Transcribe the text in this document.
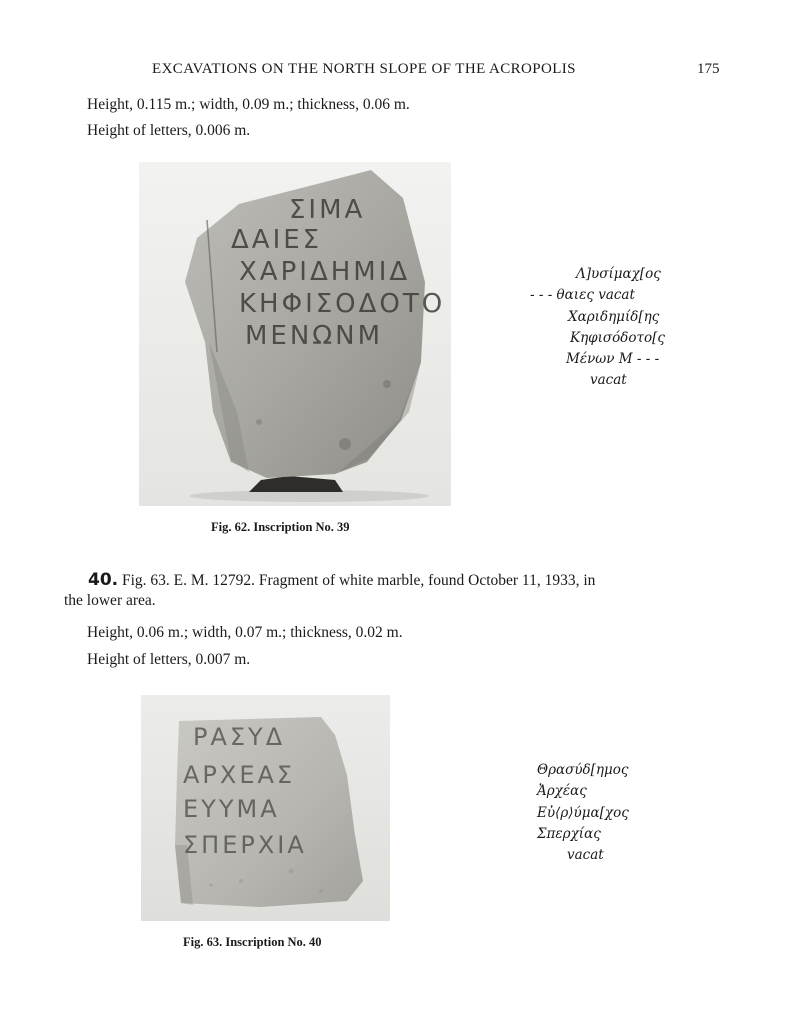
EXCAVATIONS ON THE NORTH SLOPE OF THE ACROPOLIS	175
Height, 0.115 m.; width, 0.09 m.; thickness, 0.06 m.
Height of letters, 0.006 m.
ΣΙΜΑ
ΔΑΙΕΣ
ΧΑΡΙΔΗΜΙΔ
ΚΗΦΙΣΟΔΟΤΟ
ΜΕΝΩΝΜ
Λ]υσίμαχ[ος
- - - θαιες vacat
Χαριδημίδ[ης
Κηφισόδοτο[ς
Μένων Μ - - -
vacat
Fig. 62. Inscription No. 39
40. Fig. 63. E. M. 12792. Fragment of white marble, found October 11, 1933, in
the lower area.
Height, 0.06 m.; width, 0.07 m.; thickness, 0.02 m.
Height of letters, 0.007 m.
ΡΑΣΥΔ
ΑΡΧΕΑΣ
ΕΥΥΜΑ
ΣΠΕΡΧΙΑ
Θρασύδ[ημος
Ἀρχέας
Εὐ⟨ρ⟩ύμα[χος
Σπερχίας
vacat
Fig. 63. Inscription No. 40
